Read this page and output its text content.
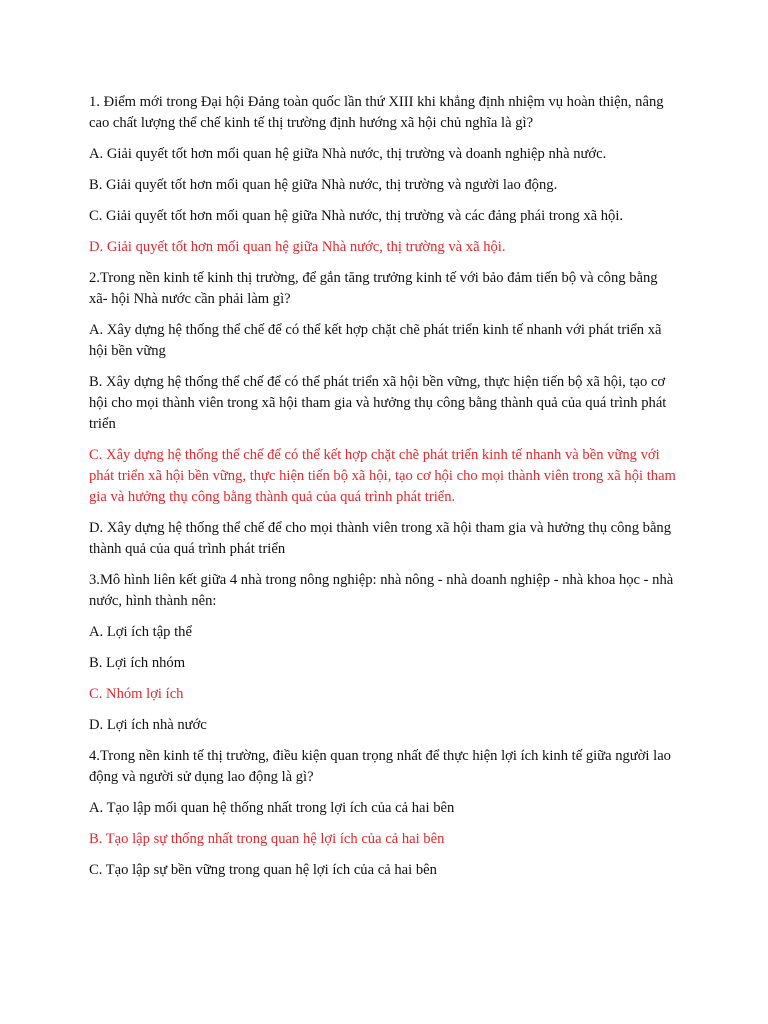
1. Điểm mới trong Đại hội Đảng toàn quốc lần thứ XIII khi khẳng định nhiệm vụ hoàn thiện, nâng cao chất lượng thể chế kinh tế thị trường định hướng xã hội chủ nghĩa là gì?

A. Giải quyết tốt hơn mối quan hệ giữa Nhà nước, thị trường và doanh nghiệp nhà nước.

B. Giải quyết tốt hơn mối quan hệ giữa Nhà nước, thị trường và người lao động.

C. Giải quyết tốt hơn mối quan hệ giữa Nhà nước, thị trường và các đảng phái trong xã hội.

D. Giải quyết tốt hơn mối quan hệ giữa Nhà nước, thị trường và xã hội.

2.Trong nền kinh tế kinh thị trường, để gắn tăng trưởng kinh tế với bảo đảm tiến bộ và công bằng xã- hội Nhà nước cần phải làm gì?

A. Xây dựng hệ thống thể chế để có thể kết hợp chặt chẽ phát triển kinh tế nhanh với phát triển xã hội bền vững

B. Xây dựng hệ thống thể chế để có thể phát triển xã hội bền vững, thực hiện tiến bộ xã hội, tạo cơ hội cho mọi thành viên trong xã hội tham gia và hưởng thụ công bằng thành quả của quá trình phát triển

C. Xây dựng hệ thống thể chế để có thể kết hợp chặt chẽ phát triển kinh tế nhanh và bền vững với phát triển xã hội bền vững, thực hiện tiến bộ xã hội, tạo cơ hội cho mọi thành viên trong xã hội tham gia và hưởng thụ công bằng thành quả của quá trình phát triển.

D. Xây dựng hệ thống thể chế để cho mọi thành viên trong xã hội tham gia và hưởng thụ công bằng thành quả của quá trình phát triển

3.Mô hình liên kết giữa 4 nhà trong nông nghiệp: nhà nông - nhà doanh nghiệp - nhà khoa học - nhà nước, hình thành nên:

A. Lợi ích tập thể

B. Lợi ích nhóm

C. Nhóm lợi ích

D. Lợi ích nhà nước

4.Trong nền kinh tế thị trường, điều kiện quan trọng nhất để thực hiện lợi ích kinh tế giữa người lao động và người sử dụng lao động là gì?

A. Tạo lập mối quan hệ thống nhất trong lợi ích của cả hai bên

B. Tạo lập sự thống nhất trong quan hệ lợi ích của cả hai bên

C. Tạo lập sự bền vững trong quan hệ lợi ích của cả hai bên
